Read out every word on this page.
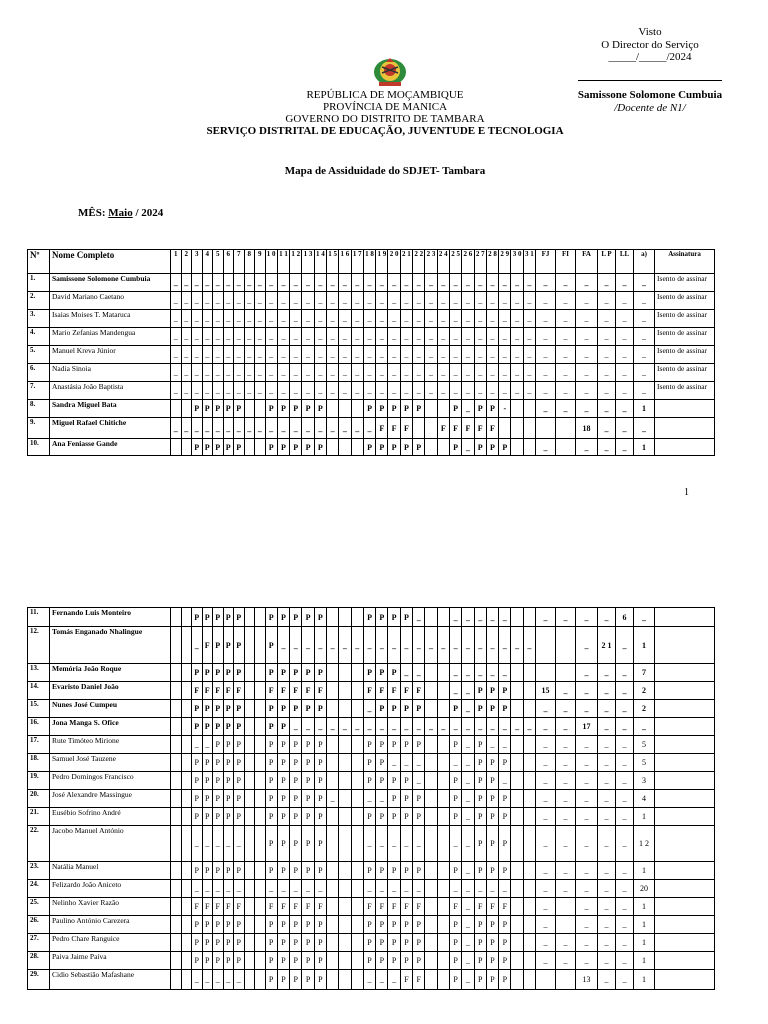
Visto
O Director do Serviço
_____/_____/2024
Samissone Solomone Cumbuia
/Docente de N1/
REPÚBLICA DE MOÇAMBIQUE
PROVÍNCIA DE MANICA
GOVERNO DO DISTRITO DE TAMBARA
SERVIÇO DISTRITAL DE EDUCAÇÃO, JUVENTUDE E TECNOLOGIA
Mapa de Assiduidade do SDJET- Tambara
MÊS: Maio / 2024
Nº	Nome Completo	1	2	3	4	5	6	7	8	9	1 0	1 1	1 2	1 3	1 4	1 5	1 6	1 7	1 8	1 9	2 0	2 1	2 2	2 3	2 4	2 5	2 6	2 7	2 8	2 9	3 0	3 1	FJ	FI	FA	L P	LL	a)	Assinatura
1.	Samissone Solomone Cumbuia	_	_	_	_	_	_	_	_	_	_	_	_	_	_	_	_	_	_	_	_	_	_	_	_	_	_	_	_	_	_	_	_	_	_	_	_	_	Isento de assinar
2.	David Mariano Caetano	_	_	_	_	_	_	_	_	_	_	_	_	_	_	_	_	_	_	_	_	_	_	_	_	_	_	_	_	_	_	_	_	_	_	_	_	_	Isento de assinar
3.	Isaias Moises T. Mataruca	_	_	_	_	_	_	_	_	_	_	_	_	_	_	_	_	_	_	_	_	_	_	_	_	_	_	_	_	_	_	_	_	_	_	_	_	_	Isento de assinar
4.	Mario Zefanias Mandengua	_	_	_	_	_	_	_	_	_	_	_	_	_	_	_	_	_	_	_	_	_	_	_	_	_	_	_	_	_	_	_	_	_	_	_	_	_	Isento de assinar
5.	Manuel Kreva Júnior	_	_	_	_	_	_	_	_	_	_	_	_	_	_	_	_	_	_	_	_	_	_	_	_	_	_	_	_	_	_	_	_	_	_	_	_	_	Isento de assinar
6.	Nadia Sinoia	_	_	_	_	_	_	_	_	_	_	_	_	_	_	_	_	_	_	_	_	_	_	_	_	_	_	_	_	_	_	_	_	_	_	_	_	_	Isento de assinar
7.	Anastásia João Baptista	_	_	_	_	_	_	_	_	_	_	_	_	_	_	_	_	_	_	_	_	_	_	_	_	_	_	_	_	_	_	_	_	_	_	_	_	_	Isento de assinar
8.	Sandra Miguel Bata			P	P	P	P	P			P	P	P	P	P				P	P	P	P	P			P	_	P	P	-			_	_	_	_	_	1	
9.	Miguel Rafael Chitiche	_	_	_	_	_	_	_	_	_	_	_	_	_	_	_	_	_	_	F	F	F			F	F	F	F	F						18	_	_	_	
10.	Ana Feniasse Gande			P	P	P	P	P			P	P	P	P	P				P	P	P	P	P			P	_	P	P	P			_		_	_	_	1	
1
11.	Fernando Luis Monteiro			P	P	P	P	P			P	P	P	P	P				P	P	P	P	_			_	_	_	_	_			_	_	_	_	6	_	
12.	Tomás Enganado Nhalingue			_	F	P	P	P			P	_	_	_	_	_	_	_	_	_	_	_	_	_	_	_	_	_	_	_	_	_			_	2 1	_	1	
13.	Memória João Roque			P	P	P	P	P			P	P	P	P	P				P	P	P	_	_			_	_	_	_	_					_	_	_	7	
14.	Evaristo Daniel João			F	F	F	F	F			F	F	F	F	F				F	F	F	F	F			_	_	P	P	P			15	_	_	_	_	2	
15.	Nunes José Cumpeu			P	P	P	P	P			P	P	P	P	P				_	P	P	P	P			P	_	P	P	P			_	_	_	_	_	2	
16.	Jona Manga S. Ofice			P	P	P	P	P			P	P	_	_	_	_	_	_	_	_	_	_	_	_	_	_	_	_	_	_	_	_	_	_	17	_	_	_	
17.	Rute Timóteo Mirione			_	_	P	P	P			P	P	P	P	P				P	P	P	P	P			P	_	P	_	_			_	_	_	_	_	5	
18.	Samuel José Tauzene			P	P	P	P	P			P	P	P	P	P				P	P	_	_	_			_	_	P	P	P			_	_	_	_	_	5	
19.	Pedro Domingos Francisco			P	P	P	P	P			P	P	P	P	P				P	P	P	P	_			P	_	P	P	_			_	_	_	_	_	3	
20.	José Alexandre Massingue			P	P	P	P	P			P	P	P	P	P	_			_	_	P	P	P			P	_	P	P	P			_	_	_	_	_	4	
21.	Eusébio Sofrino André			P	P	P	P	P			P	P	P	P	P				P	P	P	P	P			P	_	P	P	P			_	_	_	_	_	1	
22.	Jacobo Manuel António			_	_	_	_	_			P	P	P	P	P				_	_	_	_	_			_	_	P	P	P			_	_	_	_	_	1 2	
23.	Natália Manuel			P	P	P	P	P			P	P	P	P	P				P	P	P	P	P			P	_	P	P	P			_	_	_	_	_	1	
24.	Felizardo João Aniceto			_	_	_	_	_			_	_	_	_	_				_	_	_	_	_			_	_	_	_	_			_	_	_	_	_	20	
25.	Nelinho Xavier Razão			F	F	F	F	F			F	F	F	F	F				F	F	F	F	F			F	_	F	F	F			_		_	_	_	1	
26.	Paulino António Carezera			P	P	P	P	P			P	P	P	P	P				P	P	P	P	P			P	_	P	P	P			_		_	_	_	1	
27.	Pedro Chare Ranguice			P	P	P	P	P			P	P	P	P	P				P	P	P	P	P			P	_	P	P	P			_	_	_	_	_	1	
28.	Paiva Jaime Paiva			P	P	P	P	P			P	P	P	P	P				P	P	P	P	P			P	_	P	P	P			_	_	_	_	_	1	
29.	Cidio Sebastião Mafashane			_	_	_	_	_			P	P	P	P	P				_	_	_	F	F			P	_	P	P	P					13	_	_	1	
